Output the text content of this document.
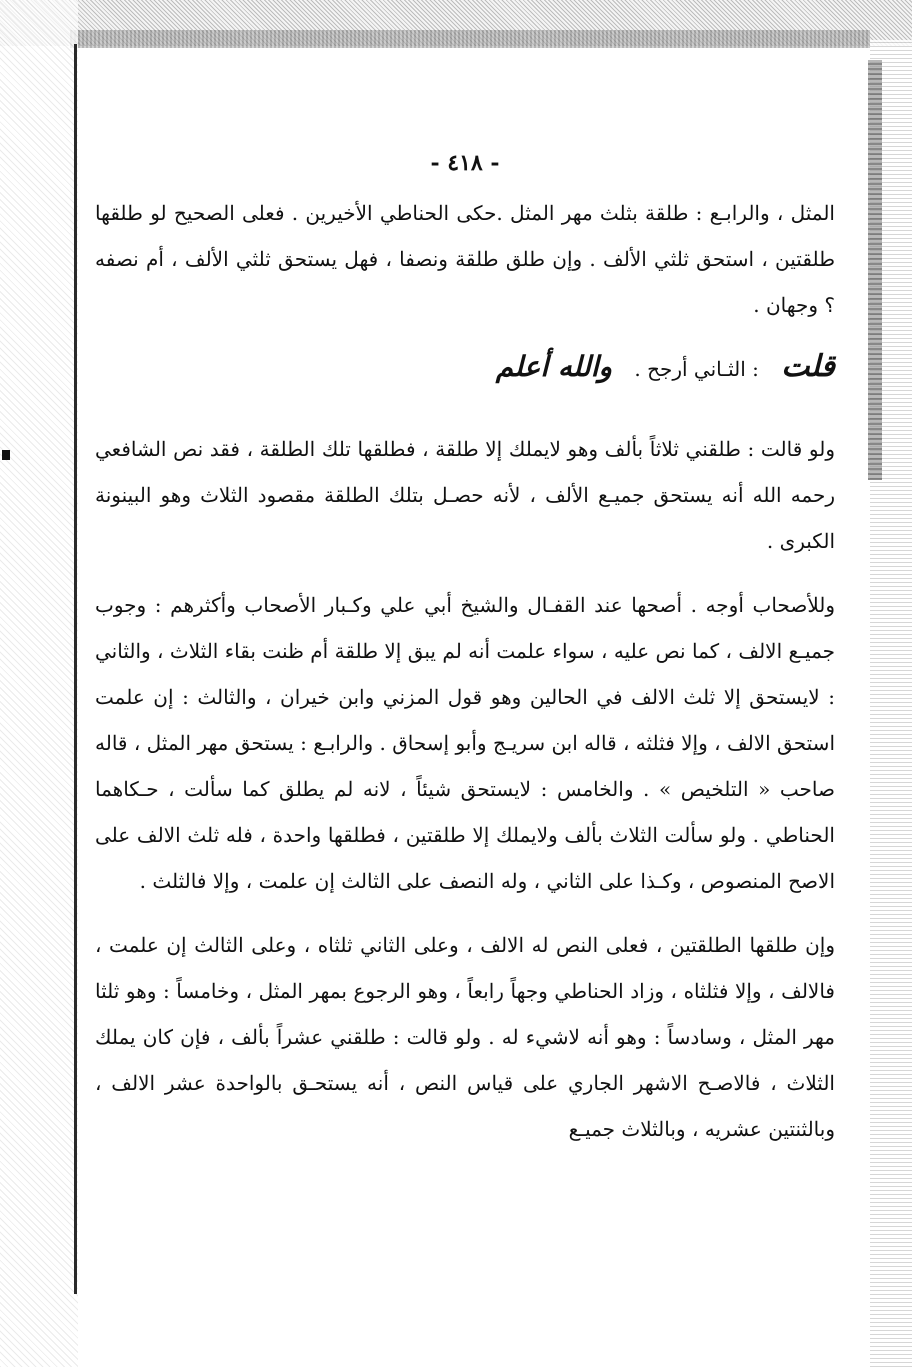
- ٤١٨ -

المثل ، والرابـع : طلقة بثلث مهر المثل .حكى الحناطي الأخيرين . فعلى الصحيح لو طلقها طلقتين ، استحق ثلثي الألف . وإن طلق طلقة ونصفا ، فهل يستحق ثلثي الألف ، أم نصفه ؟ وجهان .

قلت : الثـاني أرجح . والله أعلم

ولو قالت : طلقني ثلاثاً بألف وهو لايملك إلا طلقة ، فطلقها تلك الطلقة ، فقد نص الشافعي رحمه الله أنه يستحق جميـع الألف ، لأنه حصـل بتلك الطلقة مقصود الثلاث وهو البينونة الكبرى .

وللأصحاب أوجه . أصحها عند القفـال والشيخ أبي علي وكـبار الأصحاب وأكثرهم : وجوب جميـع الالف ، كما نص عليه ، سواء علمت أنه لم يبق إلا طلقة أم ظنت بقاء الثلاث ، والثاني : لايستحق إلا ثلث الالف في الحالين وهو قول المزني وابن خيران ، والثالث : إن علمت استحق الالف ، وإلا فثلثه ، قاله ابن سريـج وأبو إسحاق . والرابـع : يستحق مهر المثل ، قاله صاحب « التلخيص » . والخامس : لايستحق شيئاً ، لانه لم يطلق كما سألت ، حـكاهما الحناطي . ولو سألت الثلاث بألف ولايملك إلا طلقتين ، فطلقها واحدة ، فله ثلث الالف على الاصح المنصوص ، وكـذا على الثاني ، وله النصف على الثالث إن علمت ، وإلا فالثلث .

وإن طلقها الطلقتين ، فعلى النص له الالف ، وعلى الثاني ثلثاه ، وعلى الثالث إن علمت ، فالالف ، وإلا فثلثاه ، وزاد الحناطي وجهاً رابعاً ، وهو الرجوع بمهر المثل ، وخامساً : وهو ثلثا مهر المثل ، وسادساً : وهو أنه لاشيء له . ولو قالت : طلقني عشراً بألف ، فإن كان يملك الثلاث ، فالاصـح الاشهر الجاري على قياس النص ، أنه يستحـق بالواحدة عشر الالف ، وبالثنتين عشريه ، وبالثلاث جميـع
